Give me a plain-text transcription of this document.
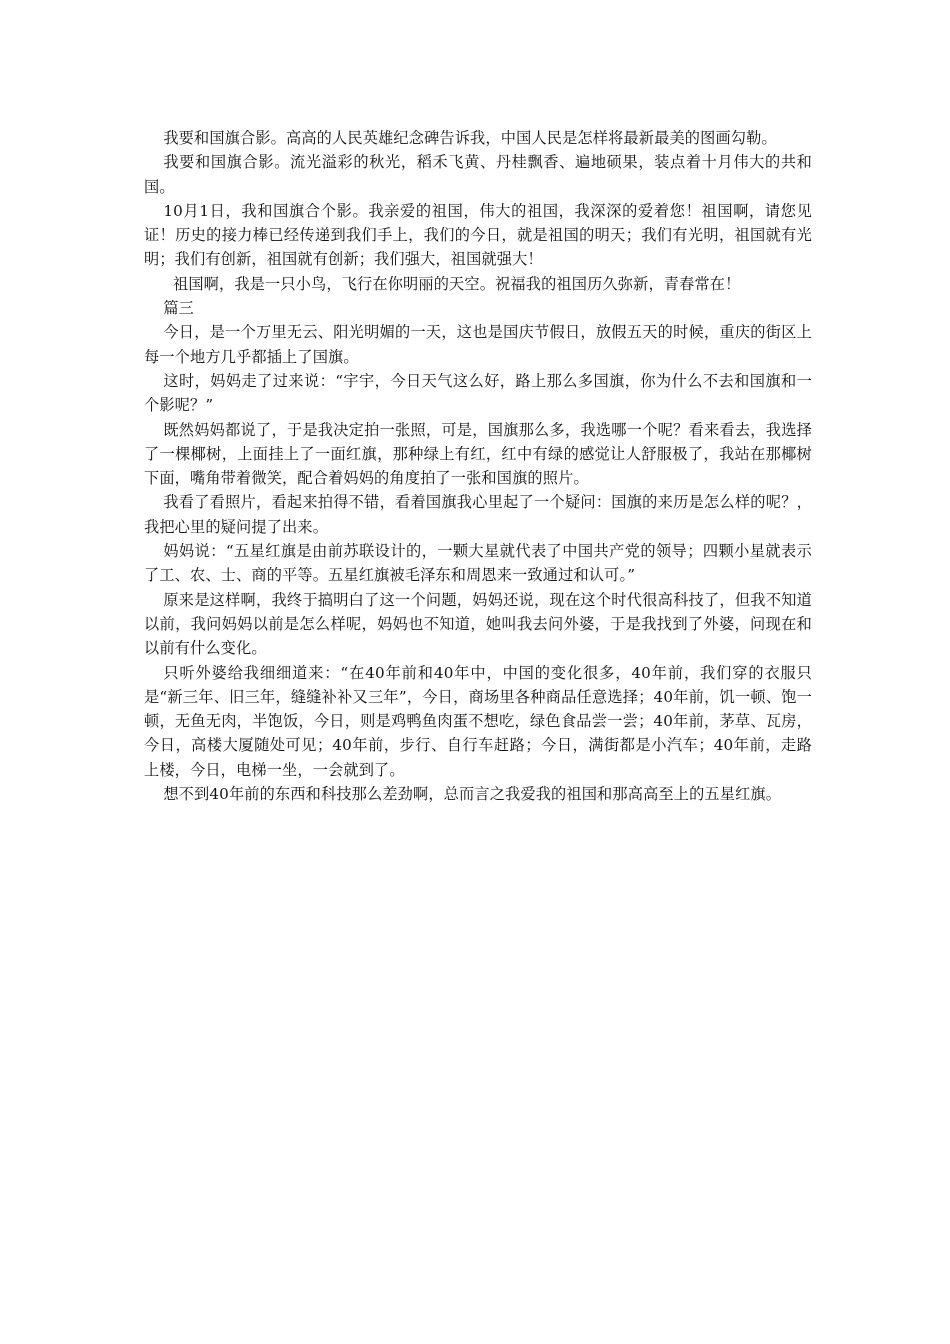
我要和国旗合影。高高的人民英雄纪念碑告诉我，中国人民是怎样将最新最美的图画勾勒。

我要和国旗合影。流光溢彩的秋光，稻禾飞黄、丹桂飘香、遍地硕果，装点着十月伟大的共和国。

10月1日，我和国旗合个影。我亲爱的祖国，伟大的祖国，我深深的爱着您！祖国啊，请您见证！历史的接力棒已经传递到我们手上，我们的今日，就是祖国的明天；我们有光明，祖国就有光明；我们有创新，祖国就有创新；我们强大，祖国就强大！

祖国啊，我是一只小鸟，飞行在你明丽的天空。祝福我的祖国历久弥新，青春常在！

篇三

今日，是一个万里无云、阳光明媚的一天，这也是国庆节假日，放假五天的时候，重庆的街区上每一个地方几乎都插上了国旗。

这时，妈妈走了过来说：“宇宇，今日天气这么好，路上那么多国旗，你为什么不去和国旗和一个影呢？”

既然妈妈都说了，于是我决定拍一张照，可是，国旗那么多，我选哪一个呢？看来看去，我选择了一棵椰树，上面挂上了一面红旗，那种绿上有红，红中有绿的感觉让人舒服极了，我站在那椰树下面，嘴角带着微笑，配合着妈妈的角度拍了一张和国旗的照片。

我看了看照片，看起来拍得不错，看着国旗我心里起了一个疑问：国旗的来历是怎么样的呢？，我把心里的疑问提了出来。

妈妈说：“五星红旗是由前苏联设计的，一颗大星就代表了中国共产党的领导；四颗小星就表示了工、农、士、商的平等。五星红旗被毛泽东和周恩来一致通过和认可。”

原来是这样啊，我终于搞明白了这一个问题，妈妈还说，现在这个时代很高科技了，但我不知道以前，我问妈妈以前是怎么样呢，妈妈也不知道，她叫我去问外婆，于是我找到了外婆，问现在和以前有什么变化。

只听外婆给我细细道来：“在40年前和40年中，中国的变化很多，40年前，我们穿的衣服只是“新三年、旧三年，缝缝补补又三年”，今日，商场里各种商品任意选择；40年前，饥一顿、饱一顿，无鱼无肉，半饱饭，今日，则是鸡鸭鱼肉蛋不想吃，绿色食品尝一尝；40年前，茅草、瓦房，今日，高楼大厦随处可见；40年前，步行、自行车赶路；今日，满街都是小汽车；40年前，走路上楼，今日，电梯一坐，一会就到了。

想不到40年前的东西和科技那么差劲啊，总而言之我爱我的祖国和那高高至上的五星红旗。
